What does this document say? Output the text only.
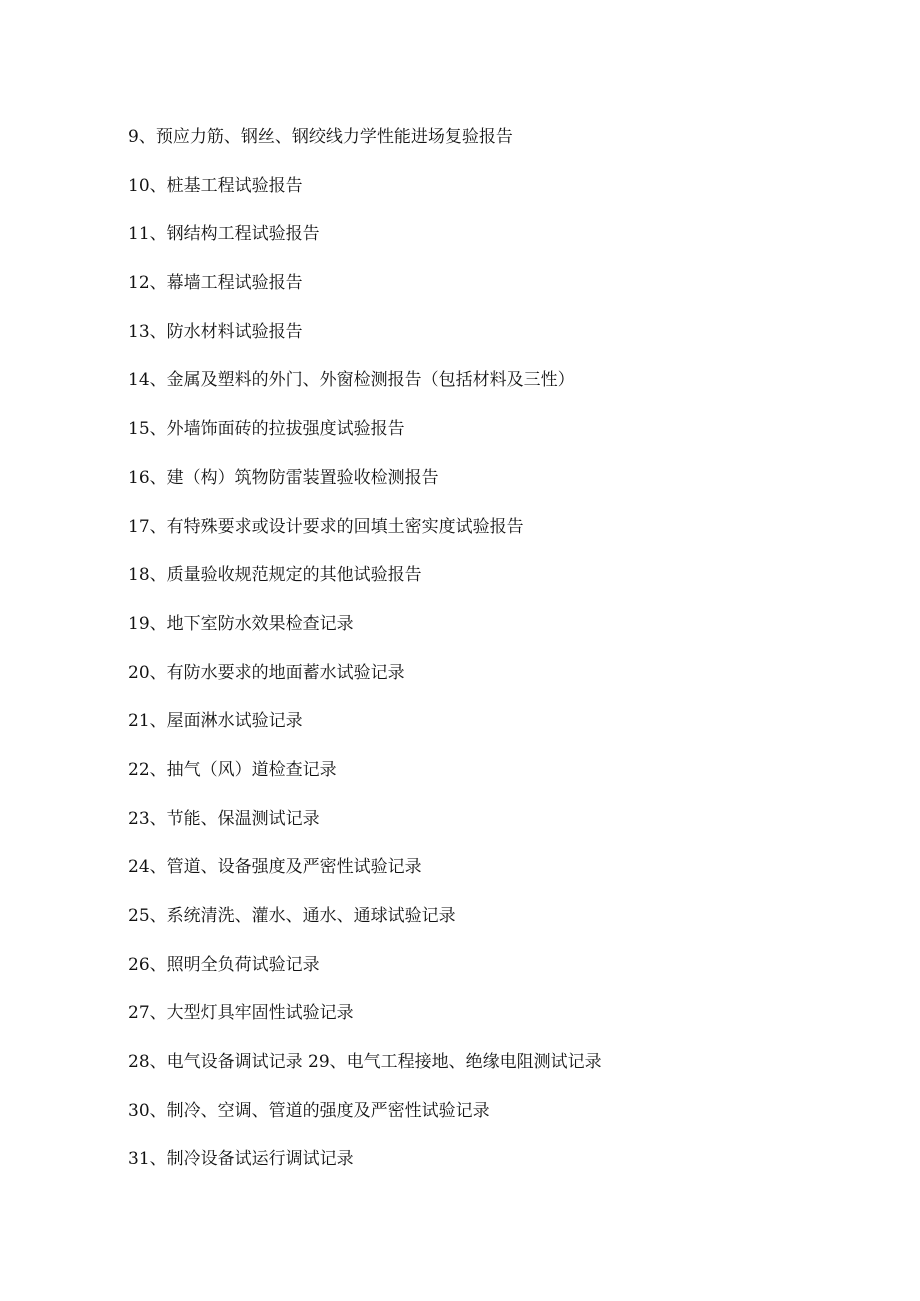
9、预应力筋、钢丝、钢绞线力学性能进场复验报告
10、桩基工程试验报告
11、钢结构工程试验报告
12、幕墙工程试验报告
13、防水材料试验报告
14、金属及塑料的外门、外窗检测报告（包括材料及三性）
15、外墙饰面砖的拉拔强度试验报告
16、建（构）筑物防雷装置验收检测报告
17、有特殊要求或设计要求的回填土密实度试验报告
18、质量验收规范规定的其他试验报告
19、地下室防水效果检查记录
20、有防水要求的地面蓄水试验记录
21、屋面淋水试验记录
22、抽气（风）道检查记录
23、节能、保温测试记录
24、管道、设备强度及严密性试验记录
25、系统清洗、灌水、通水、通球试验记录
26、照明全负荷试验记录
27、大型灯具牢固性试验记录
28、电气设备调试记录 29、电气工程接地、绝缘电阻测试记录
30、制冷、空调、管道的强度及严密性试验记录
31、制冷设备试运行调试记录
